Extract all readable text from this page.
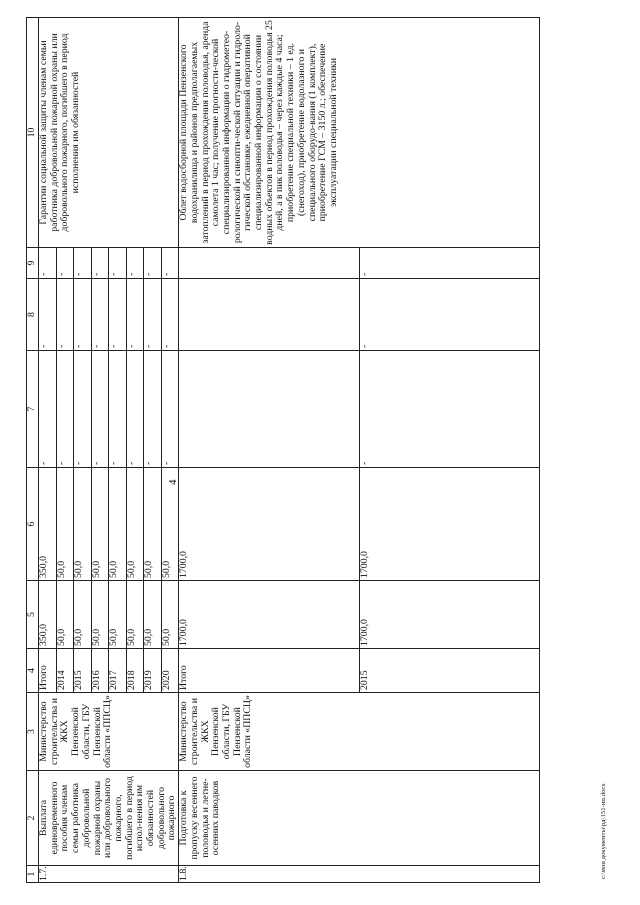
4
1	2	3	4	5	6	7	8	9	10
1.7.	Выплата единовременного пособия членам семьи работника добровольной пожарной охраны или добровольного пожарного, погибшего в период испол-нения им обязанностей добровольного пожарного	Министерство строительства и ЖКХ Пензенской области, ГБУ Пензенской области «ППСЦ»	Итого	350,0	350,0	-	-	-	Гарантии социальной защиты членам семьи работника добровольной пожарной охраны или добровольного пожарного, погибшего в период исполнения им обязанностей
			2014	50,0	50,0	-	-	-	
			2015	50,0	50,0	-	-	-	
			2016	50,0	50,0	-	-	-	
			2017	50,0	50,0	-	-	-	
			2018	50,0	50,0	-	-	-	
			2019	50,0	50,0	-	-	-	
			2020	50,0	50,0	-	-	-	
1.8.	Подготовка к пропуску весеннего половодья и летне-осенних паводков	Министерство строительства и ЖКХ Пензенской области, ГБУ Пензенской области «ППСЦ»	Итого	1700,0	1700,0				Облет водосборной площади Пензенского водохранилища и районов предполагаемых затоплений в период прохождения половодья, аренда самолета 1 час; получение прогности-ческой специализированной информации о гидрометео-рологической и синопти-ческой ситуации и гидроло-гической обстановке, ежедневной оперативной специализированной информации о состоянии водных объектов в период прохождения половодья 25 дней, а в пик половодья – через каждые 4 часа; приобретение специальной техники – 1 ед. (снегоход), приобретение водолазного и специального оборудо-вания (1 комплект), приобретение ГСМ – 3150 л.; обеспечение эксплуатации специальной техники
			2015	1700,0	1700,0	-	-	-	
c:\мои документы\рд\151-нп.docx
